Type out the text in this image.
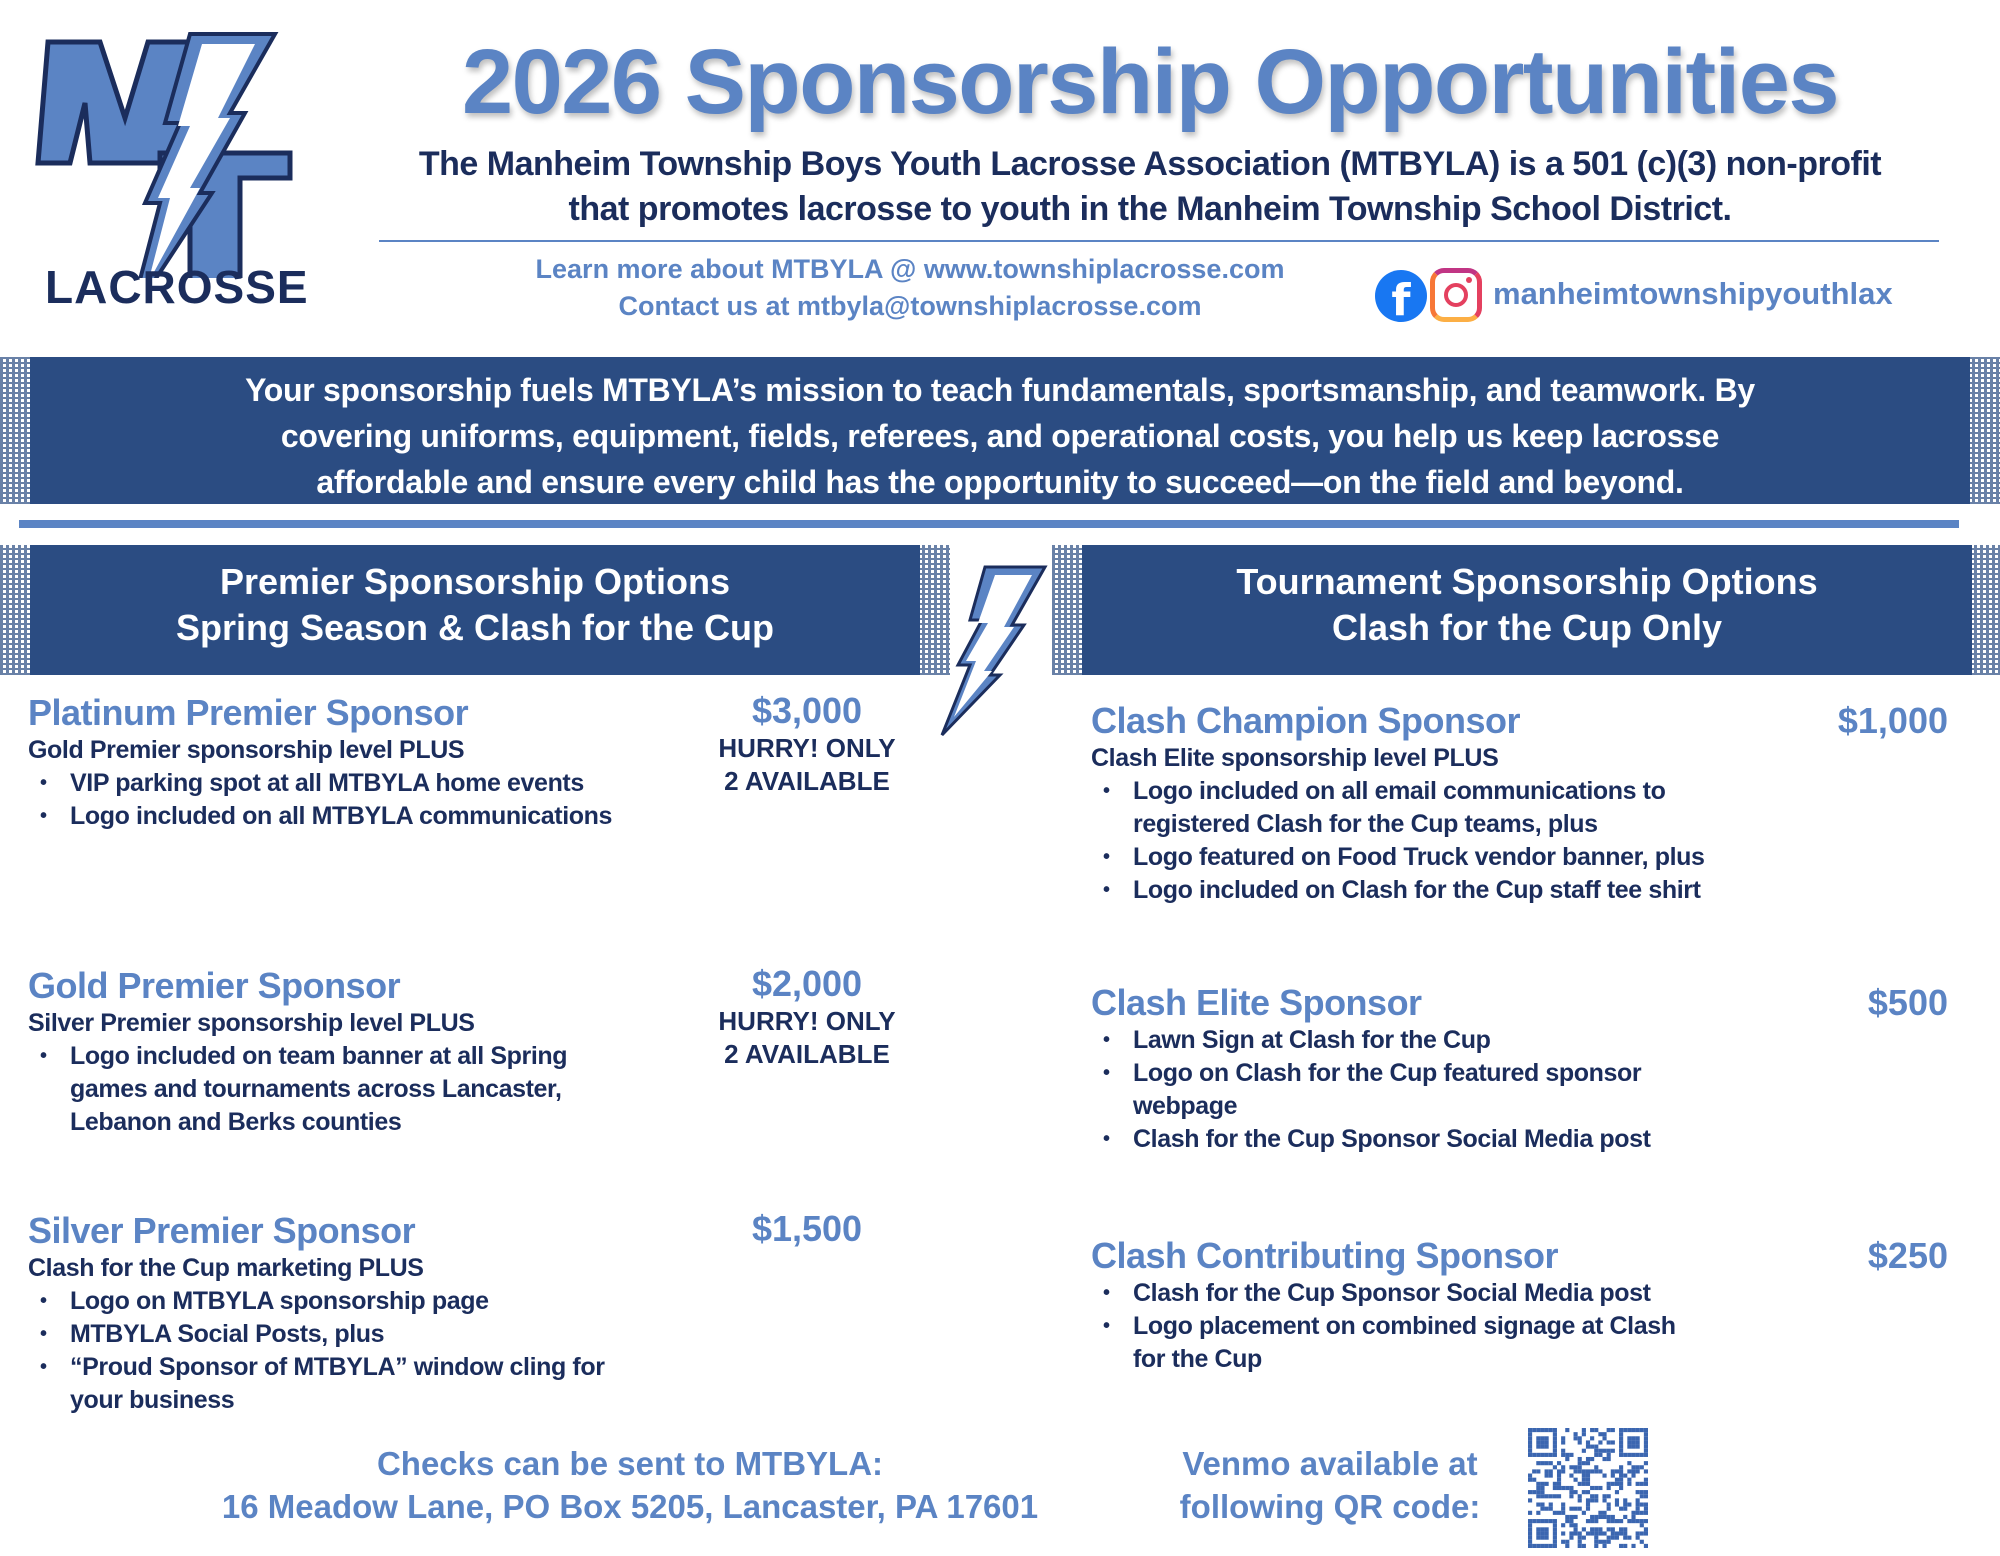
LACROSSE
2026 Sponsorship Opportunities
The Manheim Township Boys Youth Lacrosse Association (MTBYLA) is a 501 (c)(3) non-profit
that promotes lacrosse to youth in the Manheim Township School District.
Learn more about MTBYLA @ www.townshiplacrosse.com
Contact us at mtbyla@townshiplacrosse.com	f	manheimtownshipyouthlax
Your sponsorship fuels MTBYLA’s mission to teach fundamentals, sportsmanship, and teamwork. By
covering uniforms, equipment, fields, referees, and operational costs, you help us keep lacrosse
affordable and ensure every child has the opportunity to succeed—on the field and beyond.
Premier Sponsorship Options
Spring Season & Clash for the Cup
Tournament Sponsorship Options
Clash for the Cup Only
Platinum Premier Sponsor
Gold Premier sponsorship level PLUS
• VIP parking spot at all MTBYLA home events
• Logo included on all MTBYLA communications
$3,000
HURRY! ONLY
2 AVAILABLE
Gold Premier Sponsor
Silver Premier sponsorship level PLUS
• Logo included on team banner at all Spring
games and tournaments across Lancaster,
Lebanon and Berks counties
$2,000
HURRY! ONLY
2 AVAILABLE
Silver Premier Sponsor
Clash for the Cup marketing PLUS
• Logo on MTBYLA sponsorship page
• MTBYLA Social Posts, plus
• “Proud Sponsor of MTBYLA” window cling for
your business
$1,500
Clash Champion Sponsor
Clash Elite sponsorship level PLUS
• Logo included on all email communications to
registered Clash for the Cup teams, plus
• Logo featured on Food Truck vendor banner, plus
• Logo included on Clash for the Cup staff tee shirt
$1,000
Clash Elite Sponsor
• Lawn Sign at Clash for the Cup
• Logo on Clash for the Cup featured sponsor
webpage
• Clash for the Cup Sponsor Social Media post
$500
Clash Contributing Sponsor
• Clash for the Cup Sponsor Social Media post
• Logo placement on combined signage at Clash
for the Cup
$250
Checks can be sent to MTBYLA:
16 Meadow Lane, PO Box 5205, Lancaster, PA 17601
Venmo available at
following QR code:
